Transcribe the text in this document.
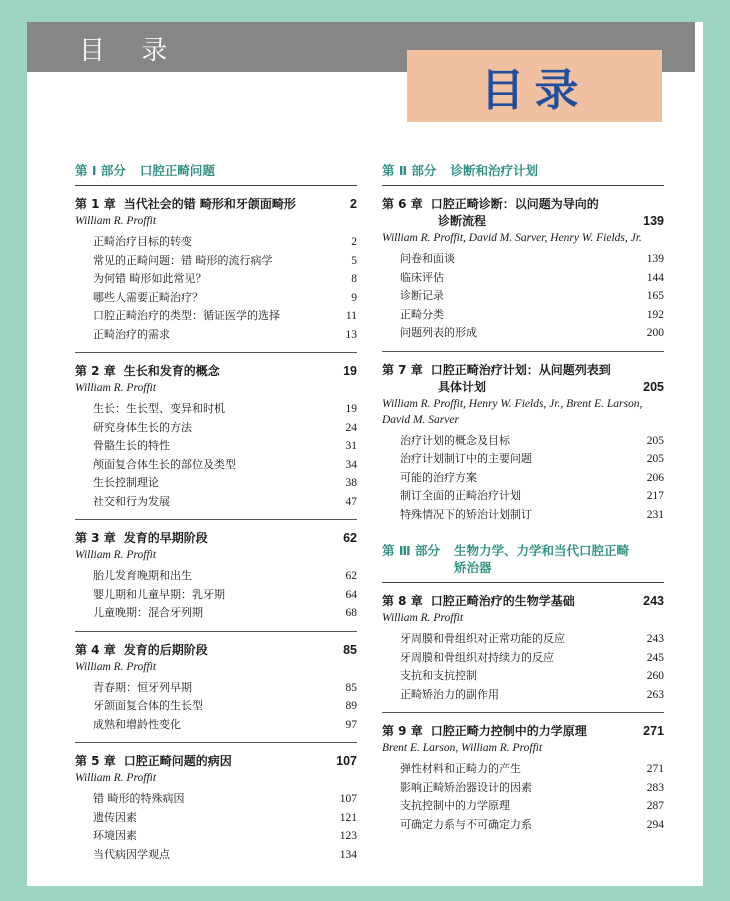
目 录
目录
第 Ⅰ 部分 口腔正畸问题
第 1 章 当代社会的错 畸形和牙颌面畸形	2
William R. Proffit
正畸治疗目标的转变	2
常见的正畸问题：错 畸形的流行病学	5
为何错 畸形如此常见？	8
哪些人需要正畸治疗？	9
口腔正畸治疗的类型：循证医学的选择	11
正畸治疗的需求	13
第 2 章 生长和发育的概念	19
William R. Proffit
生长：生长型、变异和时机	19
研究身体生长的方法	24
骨骼生长的特性	31
颅面复合体生长的部位及类型	34
生长控制理论	38
社交和行为发展	47
第 3 章 发育的早期阶段	62
William R. Proffit
胎儿发育晚期和出生	62
婴儿期和儿童早期：乳牙期	64
儿童晚期：混合牙列期	68
第 4 章 发育的后期阶段	85
William R. Proffit
青春期：恒牙列早期	85
牙颌面复合体的生长型	89
成熟和增龄性变化	97
第 5 章 口腔正畸问题的病因	107
William R. Proffit
错 畸形的特殊病因	107
遗传因素	121
环境因素	123
当代病因学观点	134
第 Ⅱ 部分 诊断和治疗计划
第 6 章 口腔正畸诊断：以问题为导向的
诊断流程	139
William R. Proffit, David M. Sarver, Henry W. Fields, Jr.
问卷和面谈	139
临床评估	144
诊断记录	165
正畸分类	192
问题列表的形成	200
第 7 章 口腔正畸治疗计划：从问题列表到
具体计划	205
William R. Proffit, Henry W. Fields, Jr., Brent E. Larson, David M. Sarver
治疗计划的概念及目标	205
治疗计划制订中的主要问题	205
可能的治疗方案	206
制订全面的正畸治疗计划	217
特殊情况下的矫治计划制订	231
第 Ⅲ 部分 生物力学、力学和当代口腔正畸
矫治器
第 8 章 口腔正畸治疗的生物学基础	243
William R. Proffit
牙周膜和骨组织对正常功能的反应	243
牙周膜和骨组织对持续力的反应	245
支抗和支抗控制	260
正畸矫治力的副作用	263
第 9 章 口腔正畸力控制中的力学原理	271
Brent E. Larson, William R. Proffit
弹性材料和正畸力的产生	271
影响正畸矫治器设计的因素	283
支抗控制中的力学原理	287
可确定力系与不可确定力系	294
